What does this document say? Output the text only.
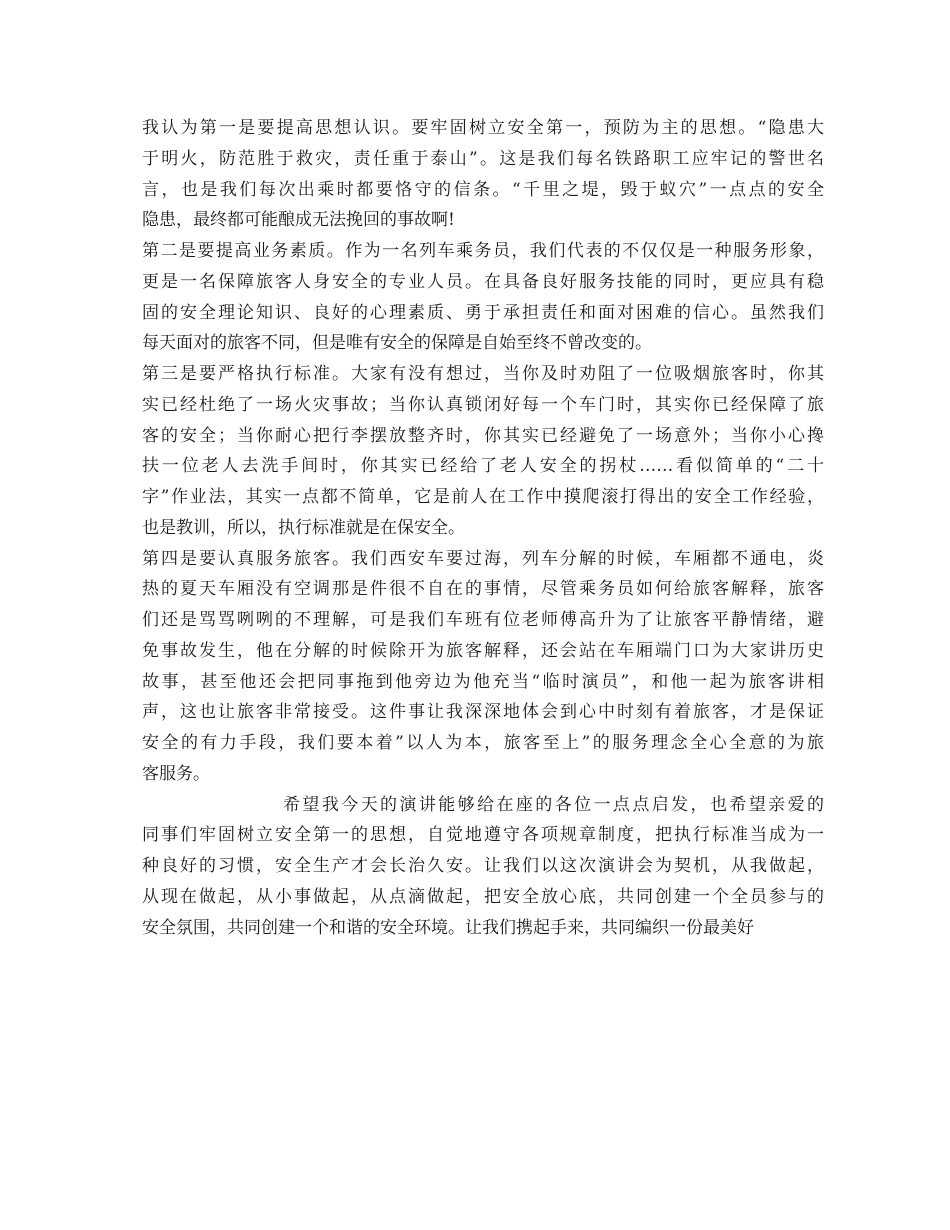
我认为第一是要提高思想认识。要牢固树立安全第一，预防为主的思想。“隐患大
于明火，防范胜于救灾，责任重于泰山”。这是我们每名铁路职工应牢记的警世名
言，也是我们每次出乘时都要恪守的信条。“千里之堤，毁于蚁穴”一点点的安全
隐患，最终都可能酿成无法挽回的事故啊!
第二是要提高业务素质。作为一名列车乘务员，我们代表的不仅仅是一种服务形象，
更是一名保障旅客人身安全的专业人员。在具备良好服务技能的同时，更应具有稳
固的安全理论知识、良好的心理素质、勇于承担责任和面对困难的信心。虽然我们
每天面对的旅客不同，但是唯有安全的保障是自始至终不曾改变的。
第三是要严格执行标准。大家有没有想过，当你及时劝阻了一位吸烟旅客时，你其
实已经杜绝了一场火灾事故；当你认真锁闭好每一个车门时，其实你已经保障了旅
客的安全；当你耐心把行李摆放整齐时，你其实已经避免了一场意外；当你小心搀
扶一位老人去洗手间时，你其实已经给了老人安全的拐杖……看似简单的“二十
字”作业法，其实一点都不简单，它是前人在工作中摸爬滚打得出的安全工作经验，
也是教训，所以，执行标准就是在保安全。
第四是要认真服务旅客。我们西安车要过海，列车分解的时候，车厢都不通电，炎
热的夏天车厢没有空调那是件很不自在的事情，尽管乘务员如何给旅客解释，旅客
们还是骂骂咧咧的不理解，可是我们车班有位老师傅高升为了让旅客平静情绪，避
免事故发生，他在分解的时候除开为旅客解释，还会站在车厢端门口为大家讲历史
故事，甚至他还会把同事拖到他旁边为他充当“临时演员”，和他一起为旅客讲相
声，这也让旅客非常接受。这件事让我深深地体会到心中时刻有着旅客，才是保证
安全的有力手段，我们要本着”以人为本，旅客至上”的服务理念全心全意的为旅
客服务。
希望我今天的演讲能够给在座的各位一点点启发，也希望亲爱的
同事们牢固树立安全第一的思想，自觉地遵守各项规章制度，把执行标准当成为一
种良好的习惯，安全生产才会长治久安。让我们以这次演讲会为契机，从我做起，
从现在做起，从小事做起，从点滴做起，把安全放心底，共同创建一个全员参与的
安全氛围，共同创建一个和谐的安全环境。让我们携起手来，共同编织一份最美好
